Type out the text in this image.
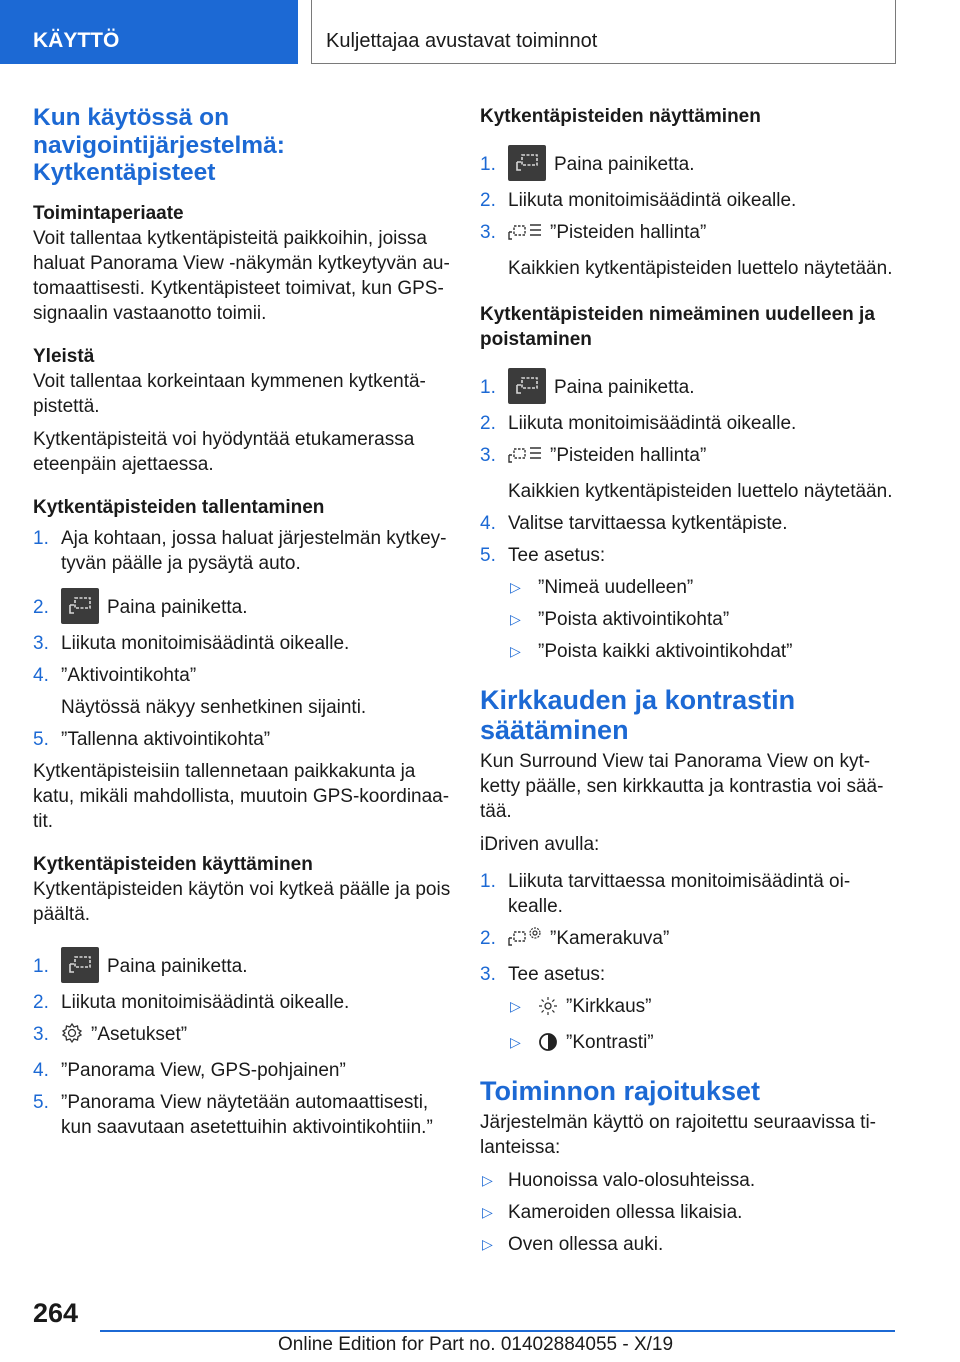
KÄYTTÖ	Kuljettajaa avustavat toiminnot
Kun käytössä on navigointijärjestelmä: Kytkentäpisteet
Toimintaperiaate

Voit tallentaa kytkentäpisteitä paikkoihin, joissa haluat Panorama View ‑näkymän kytkeytyvän au-tomaattisesti. Kytkentäpisteet toimivat, kun GPS-signaalin vastaanotto toimii.

Yleistä

Voit tallentaa korkeintaan kymmenen kytkentä-pistettä.

Kytkentäpisteitä voi hyödyntää etukamerassa eteenpäin ajettaessa.

Kytkentäpisteiden tallentaminen
1. Aja kohtaan, jossa haluat järjestelmän kytkey-tyvän päälle ja pysäytä auto.
2.	Paina painiketta.
3. Liikuta monitoimisäädintä oikealle.
4. ”Aktivointikohta”
Näytössä näkyy senhetkinen sijainti.
5. ”Tallenna aktivointikohta”

Kytkentäpisteisiin tallennetaan paikkakunta ja katu, mikäli mahdollista, muutoin GPS-koordinaa-tit.

Kytkentäpisteiden käyttäminen

Kytkentäpisteiden käytön voi kytkeä päälle ja pois päältä.

1.	Paina painiketta.
2. Liikuta monitoimisäädintä oikealle.
3. ”Asetukset”
4. ”Panorama View, GPS-pohjainen”
5. ”Panorama View näytetään automaattisesti, kun saavutaan asetettuihin aktivointikohtiin.”
Kytkentäpisteiden näyttäminen
1.	Paina painiketta.
2. Liikuta monitoimisäädintä oikealle.
3.	”Pisteiden hallinta”
Kaikkien kytkentäpisteiden luettelo näytetään.
Kytkentäpisteiden nimeäminen uudelleen ja poistaminen
1.	Paina painiketta.
2. Liikuta monitoimisäädintä oikealle.
3.	”Pisteiden hallinta”
Kaikkien kytkentäpisteiden luettelo näytetään.
4. Valitse tarvittaessa kytkentäpiste.
5. Tee asetus:
▷ ”Nimeä uudelleen”
▷ ”Poista aktivointikohta”
▷ ”Poista kaikki aktivointikohdat”
Kirkkauden ja kontrastin säätäminen

Kun Surround View tai Panorama View on kyt-ketty päälle, sen kirkkautta ja kontrastia voi sää-tää.

iDriven avulla:

1. Liikuta tarvittaessa monitoimisäädintä oi-kealle.
2.	”Kamerakuva”
3. Tee asetus:
▷ ”Kirkkaus”
▷ ”Kontrasti”
Toiminnon rajoitukset

Järjestelmän käyttö on rajoitettu seuraavissa ti-lanteissa:

▷ Huonoissa valo-olosuhteissa.
▷ Kameroiden ollessa likaisia.
▷ Oven ollessa auki.
264
Online Edition for Part no. 01402884055 - X/19
